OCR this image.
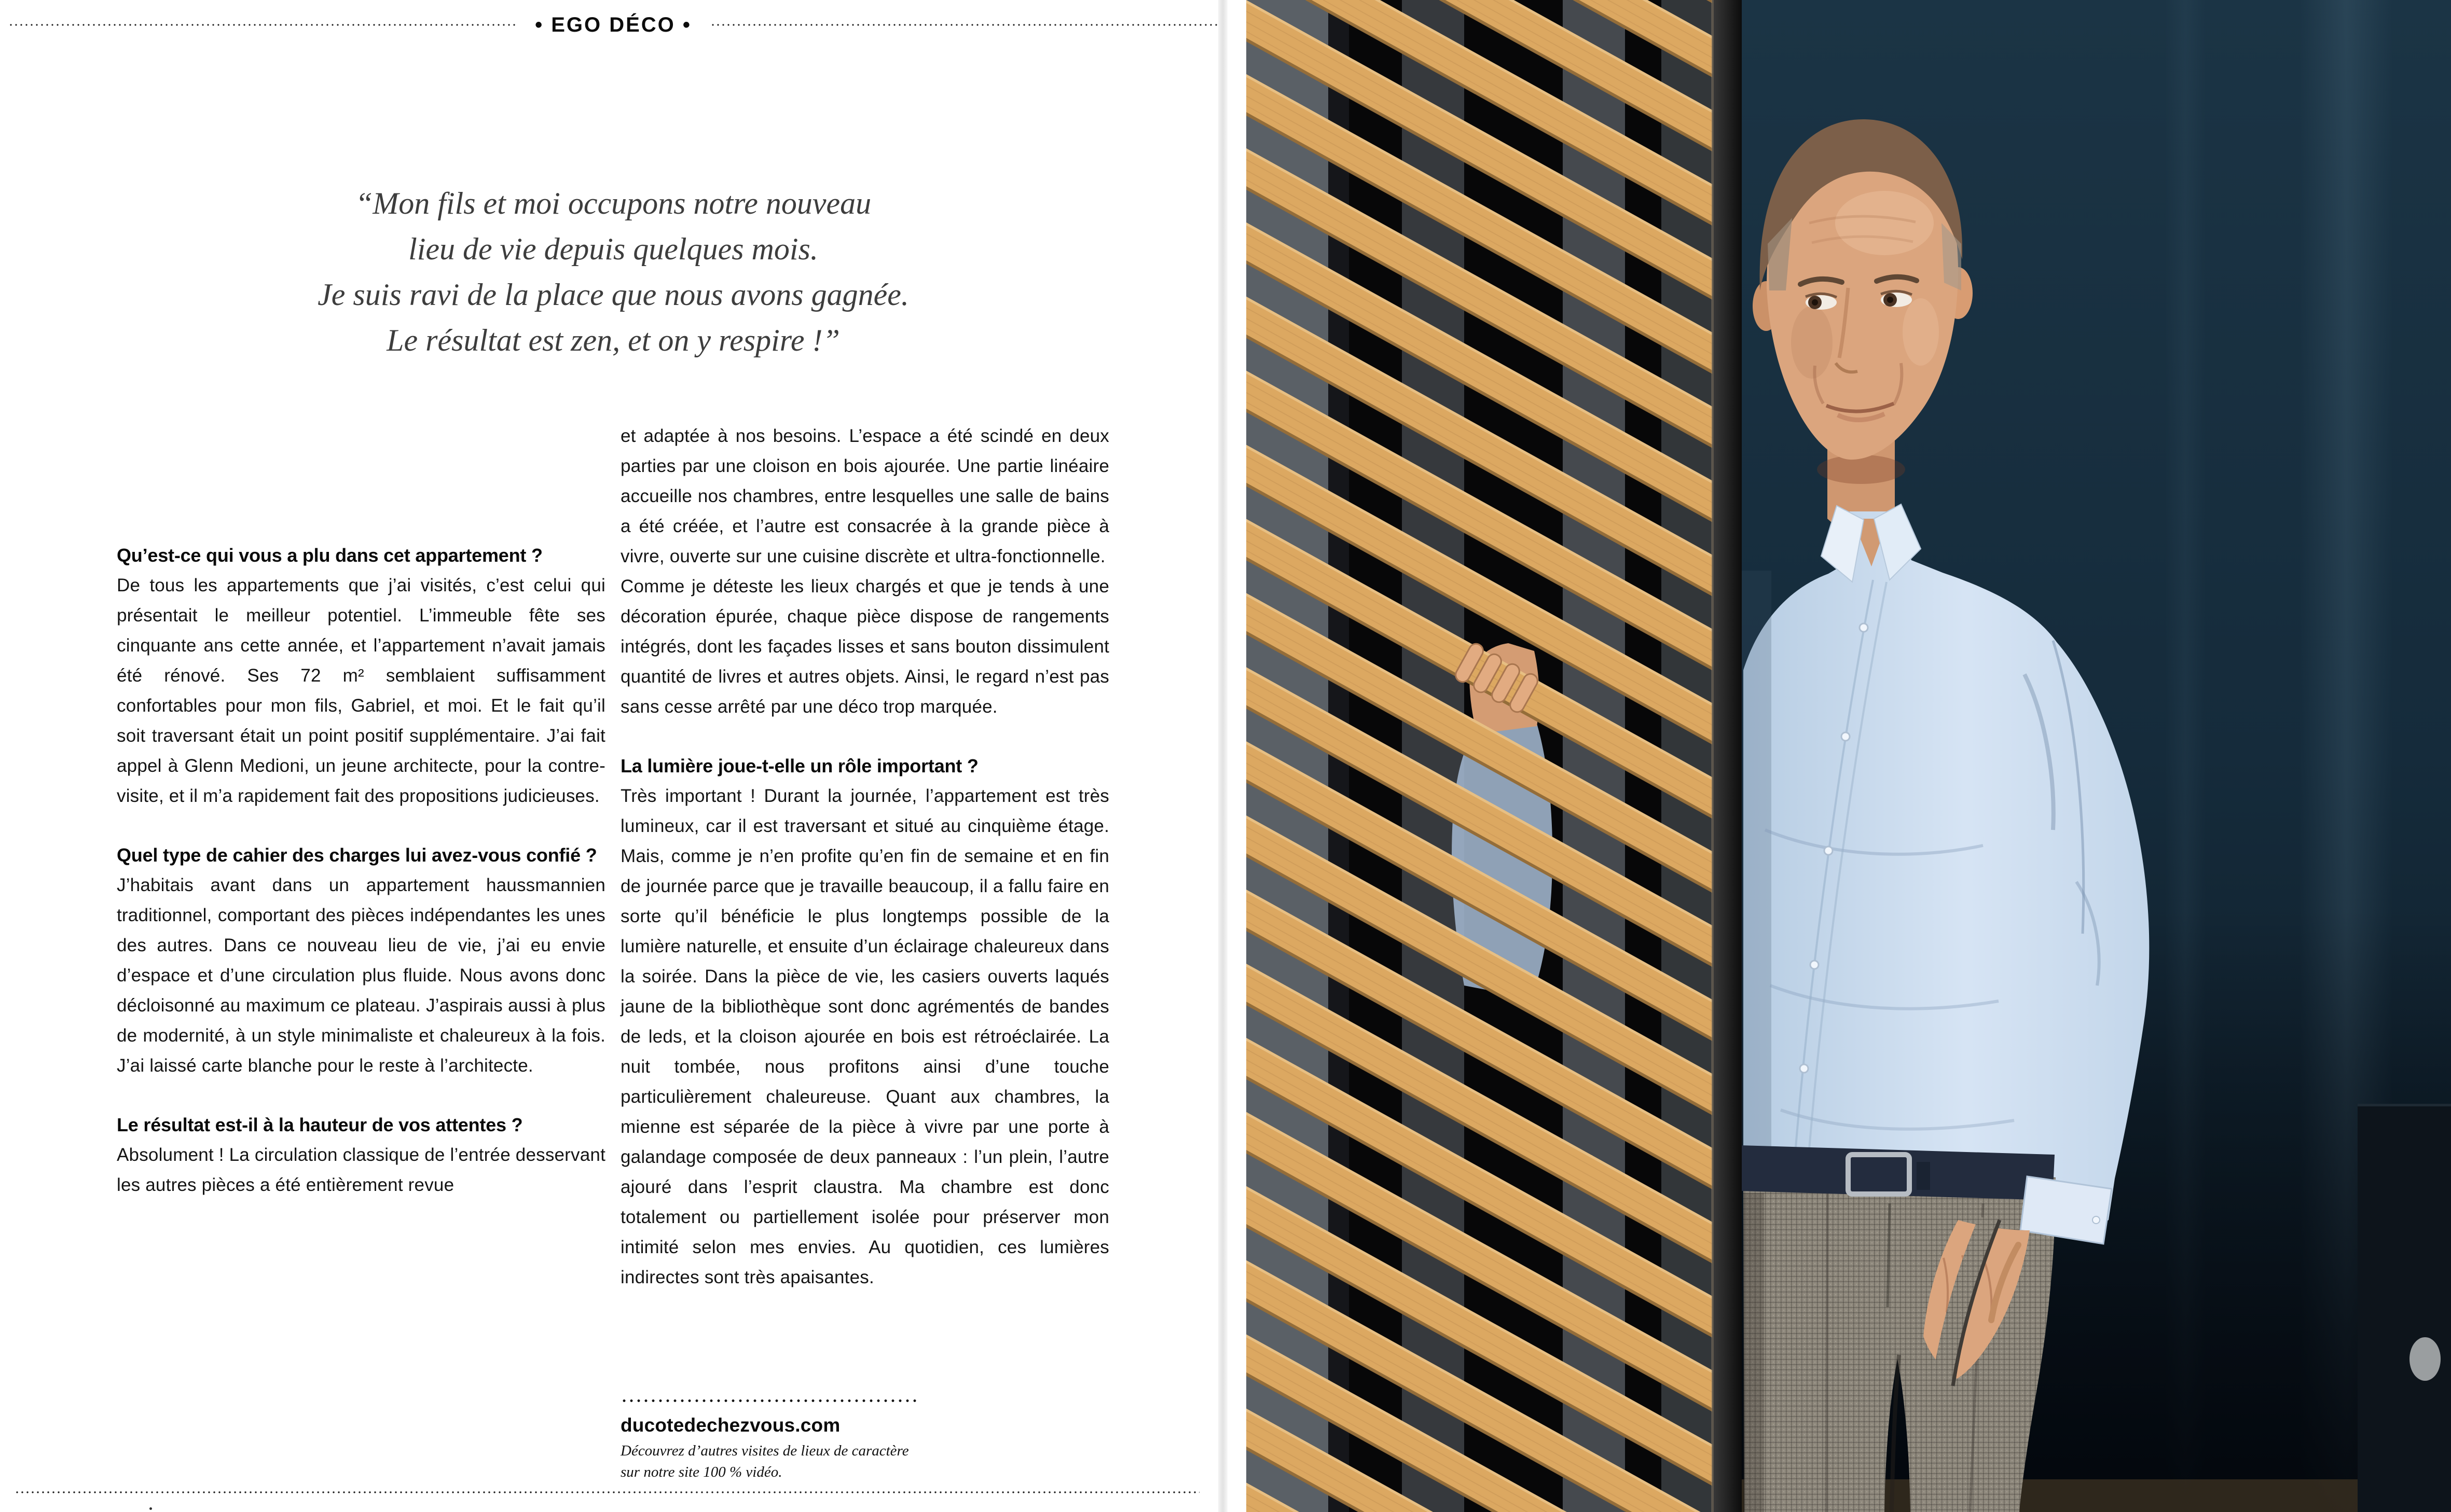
• EGO DÉCO •
“Mon fils et moi occupons notre nouveau
lieu de vie depuis quelques mois.
Je suis ravi de la place que nous avons gagnée.
Le résultat est zen, et on y respire !”
Qu’est-ce qui vous a plu dans cet appartement ?

De tous les appartements que j’ai visités, c’est celui qui présentait le meilleur potentiel. L’immeuble fête ses cinquante ans cette année, et l’appartement n’avait jamais été rénové. Ses 72 m² semblaient suffisamment confortables pour mon fils, Gabriel, et moi. Et le fait qu’il soit traversant était un point positif supplémentaire. J’ai fait appel à Glenn Medioni, un jeune architecte, pour la contre-visite, et il m’a rapidement fait des propositions judicieuses.

Quel type de cahier des charges lui avez-vous confié ?

J’habitais avant dans un appartement haussmannien traditionnel, comportant des pièces indépendantes les unes des autres. Dans ce nouveau lieu de vie, j’ai eu envie d’espace et d’une circulation plus fluide. Nous avons donc décloisonné au maximum ce plateau. J’aspirais aussi à plus de modernité, à un style minimaliste et chaleureux à la fois. J’ai laissé carte blanche pour le reste à l’architecte.

Le résultat est-il à la hauteur de vos attentes ?

Absolument ! La circulation classique de l’entrée desservant les autres pièces a été entièrement revue

et adaptée à nos besoins. L’espace a été scindé en deux parties par une cloison en bois ajourée. Une partie linéaire accueille nos chambres, entre lesquelles une salle de bains a été créée, et l’autre est consacrée à la grande pièce à vivre, ouverte sur une cuisine discrète et ultra-fonctionnelle.

Comme je déteste les lieux chargés et que je tends à une décoration épurée, chaque pièce dispose de rangements intégrés, dont les façades lisses et sans bouton dissimulent quantité de livres et autres objets. Ainsi, le regard n’est pas sans cesse arrêté par une déco trop marquée.

La lumière joue-t-elle un rôle important ?

Très important ! Durant la journée, l’appartement est très lumineux, car il est traversant et situé au cinquième étage. Mais, comme je n’en profite qu’en fin de semaine et en fin de journée parce que je travaille beaucoup, il a fallu faire en sorte qu’il bénéficie le plus longtemps possible de la lumière naturelle, et ensuite d’un éclairage chaleureux dans la soirée. Dans la pièce de vie, les casiers ouverts laqués jaune de la bibliothèque sont donc agrémentés de bandes de leds, et la cloison ajourée en bois est rétroéclairée. La nuit tombée, nous profitons ainsi d’une touche particulièrement chaleureuse. Quant aux chambres, la mienne est séparée de la pièce à vivre par une porte à galandage composée de deux panneaux : l’un plein, l’autre ajouré dans l’esprit claustra. Ma chambre est donc totalement ou partiellement isolée pour préserver mon intimité selon mes envies. Au quotidien, ces lumières indirectes sont très apaisantes.

ducotedechezvous.com
Découvrez d’autres visites de lieux de caractère
sur notre site 100 % vidéo.
